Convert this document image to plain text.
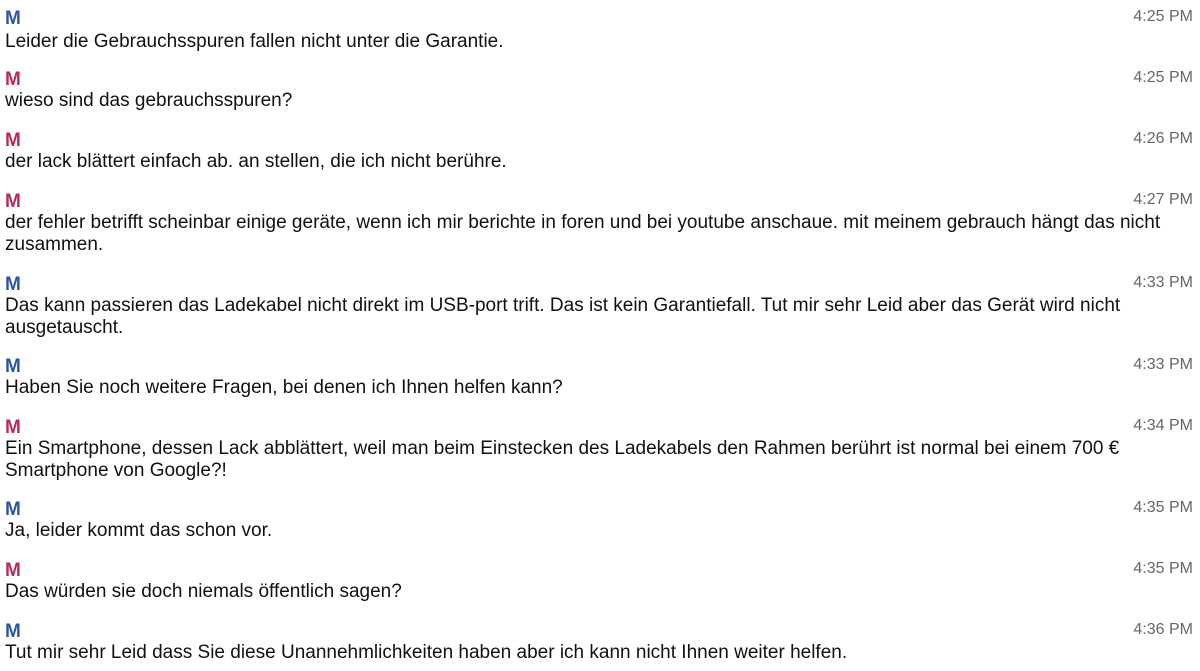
M	4:25 PM
Leider die Gebrauchsspuren fallen nicht unter die Garantie.
M	4:25 PM
wieso sind das gebrauchsspuren?
M	4:26 PM
der lack blättert einfach ab. an stellen, die ich nicht berühre.
M	4:27 PM
der fehler betrifft scheinbar einige geräte, wenn ich mir berichte in foren und bei youtube anschaue. mit meinem gebrauch hängt das nicht zusammen.
M	4:33 PM
Das kann passieren das Ladekabel nicht direkt im USB-port trift. Das ist kein Garantiefall. Tut mir sehr Leid aber das Gerät wird nicht ausgetauscht.
M	4:33 PM
Haben Sie noch weitere Fragen, bei denen ich Ihnen helfen kann?
M	4:34 PM
Ein Smartphone, dessen Lack abblättert, weil man beim Einstecken des Ladekabels den Rahmen berührt ist normal bei einem 700 € Smartphone von Google?!
M	4:35 PM
Ja, leider kommt das schon vor.
M	4:35 PM
Das würden sie doch niemals öffentlich sagen?
M	4:36 PM
Tut mir sehr Leid dass Sie diese Unannehmlichkeiten haben aber ich kann nicht Ihnen weiter helfen.
